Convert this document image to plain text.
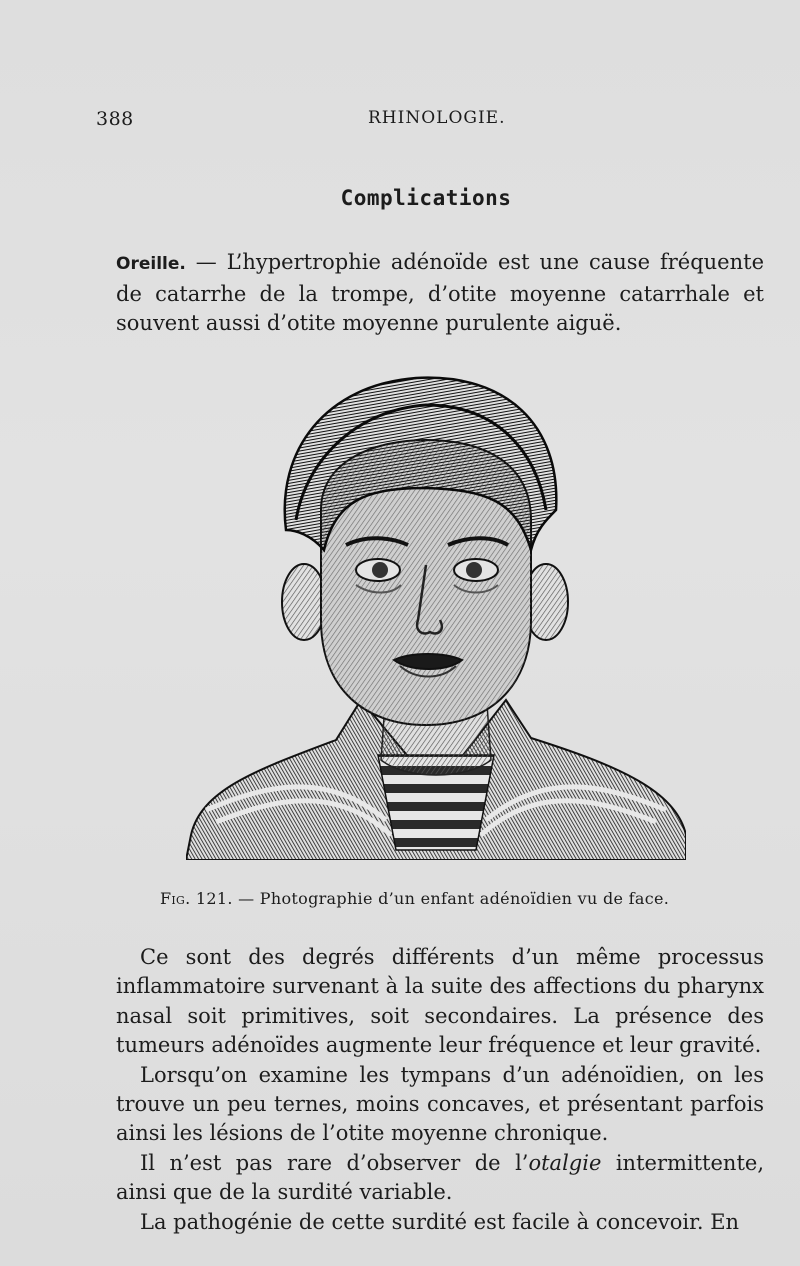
388	RHINOLOGIE.
Complications

Oreille. — L’hypertrophie adénoïde est une cause fréquente de catarrhe de la trompe, d’otite moyenne catarrhale et souvent aussi d’otite moyenne purulente aiguë.

Fig. 121. — Photographie d’un enfant adénoïdien vu de face.

Ce sont des degrés différents d’un même processus inflammatoire survenant à la suite des affections du pharynx nasal soit primitives, soit secondaires. La présence des tumeurs adénoïdes augmente leur fréquence et leur gravité.

Lorsqu’on examine les tympans d’un adénoïdien, on les trouve un peu ternes, moins concaves, et présentant parfois ainsi les lésions de l’otite moyenne chronique.

Il n’est pas rare d’observer de l’otalgie intermittente, ainsi que de la surdité variable.

La pathogénie de cette surdité est facile à concevoir. En
